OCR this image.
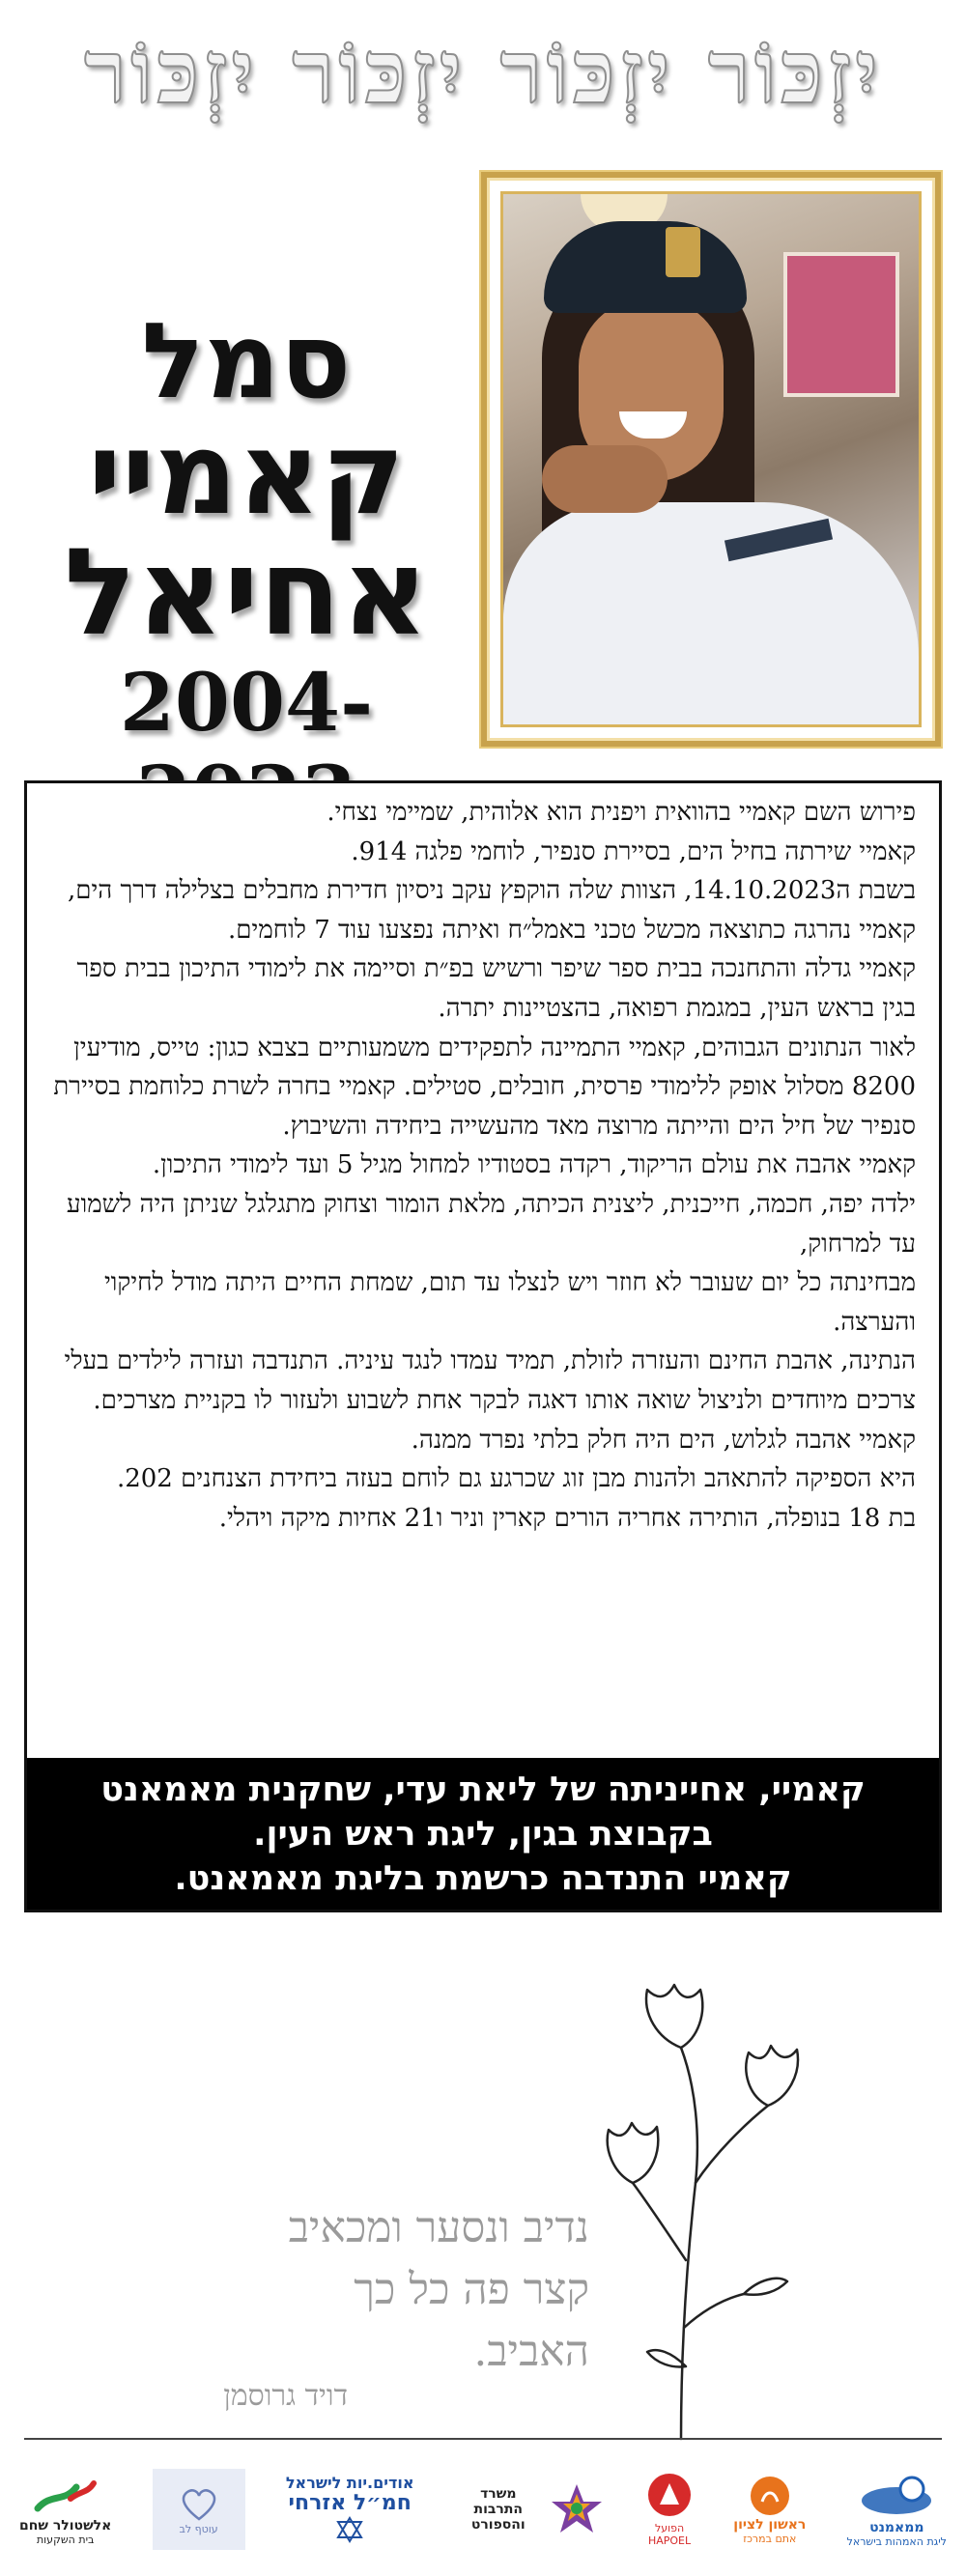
יִזְכּוֹר יִזְכּוֹר יִזְכּוֹר יִזְכּוֹר
סמל
קאמיי
אחיאל
2004-

פירוש השם קאמיי בהוואית ויפנית הוא אלוהית, שמיימי נצחי.

קאמיי שירתה בחיל הים, בסיירת סנפיר, לוחמי פלגה 914.

בשבת ה14.10.2023, הצוות שלה הוקפץ עקב ניסיון חדירת מחבלים בצלילה דרך הים, קאמיי נהרגה כתוצאה מכשל טכני באמל״ח ואיתה נפצעו עוד 7 לוחמים.

קאמיי גדלה והתחנכה בבית ספר שיפר ורשיש בפ״ת וסיימה את לימודי התיכון בבית ספר בגין בראש העין, במגמת רפואה, בהצטיינות יתרה.

לאור הנתונים הגבוהים, קאמיי התמיינה לתפקידים משמעותיים בצבא כגון: טייס, מודיעין 8200 מסלול אופק ללימודי פרסית, חובלים, סטילים. קאמיי בחרה לשרת כלוחמת בסיירת סנפיר של חיל הים והייתה מרוצה מאד מהעשייה ביחידה והשיבוץ.

קאמיי אהבה את עולם הריקוד, רקדה בסטודיו למחול מגיל 5 ועד לימודי התיכון.

ילדה יפה, חכמה, חייכנית, ליצנית הכיתה, מלאת הומור וצחוק מתגלגל שניתן היה לשמוע עד למרחוק,

מבחינתה כל יום שעובר לא חוזר ויש לנצלו עד תום, שמחת החיים היתה מודל לחיקוי והערצה.

הנתינה, אהבת החינם והעזרה לזולת, תמיד עמדו לנגד עיניה. התנדבה ועזרה לילדים בעלי צרכים מיוחדים ולניצול שואה אותו דאגה לבקר אחת לשבוע ולעזור לו בקניית מצרכים.

קאמיי אהבה לגלוש, הים היה חלק בלתי נפרד ממנה.

היא הספיקה להתאהב ולהנות מבן זוג שכרגע גם לוחם בעזה ביחידת הצנחנים 202.

בת 18 בנופלה, הותירה אחריה הורים קארין וניר ו21 אחיות מיקה ויהלי.

קאמיי, אחייניתה של ליאת עדי, שחקנית מאמאנט
בקבוצת בגין, ליגת ראש העין.
קאמיי התנדבה כרשמת בליגת מאמאנט.
נדיב ונסער ומכאיב
קצר פה כל כך
האביב.
דויד גרוסמן
ממאמנט
ליגת האמהות בישראל
ראשון לציון
אתם במרכז
הפועל
HAPOEL
משרד התרבות והספורט
אודים.יות לישראל
חמ״ל אזרחי
עוטף לב
אלשטולר שחם
בית השקעות
